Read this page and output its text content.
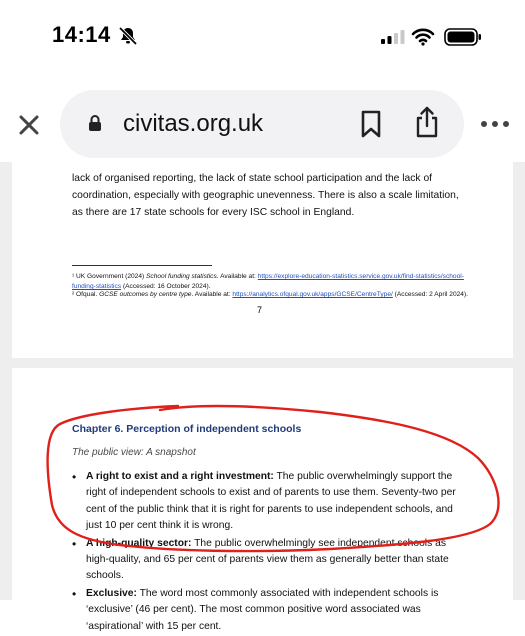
14:14
civitas.org.uk
lack of organised reporting, the lack of state school participation and the lack of coordination, especially with geographic unevenness. There is also a scale limitation, as there are 17 state schools for every ISC school in England.
¹ UK Government (2024) School funding statistics. Available at: https://explore-education-statistics.service.gov.uk/find-statistics/school-funding-statistics (Accessed: 16 October 2024).
² Ofqual. GCSE outcomes by centre type. Available at: https://analytics.ofqual.gov.uk/apps/GCSE/CentreType/ (Accessed: 2 April 2024).
7
Chapter 6. Perception of independent schools
The public view: A snapshot
• A right to exist and a right investment: The public overwhelmingly support the right of independent schools to exist and of parents to use them. Seventy-two per cent of the public think that it is right for parents to use independent schools, and just 10 per cent think it is wrong.
• A high-quality sector: The public overwhelmingly see independent schools as high-quality, and 65 per cent of parents view them as generally better than state schools.
• Exclusive: The word most commonly associated with independent schools is ‘exclusive’ (46 per cent). The most common positive word associated was ‘aspirational’ with 15 per cent.
